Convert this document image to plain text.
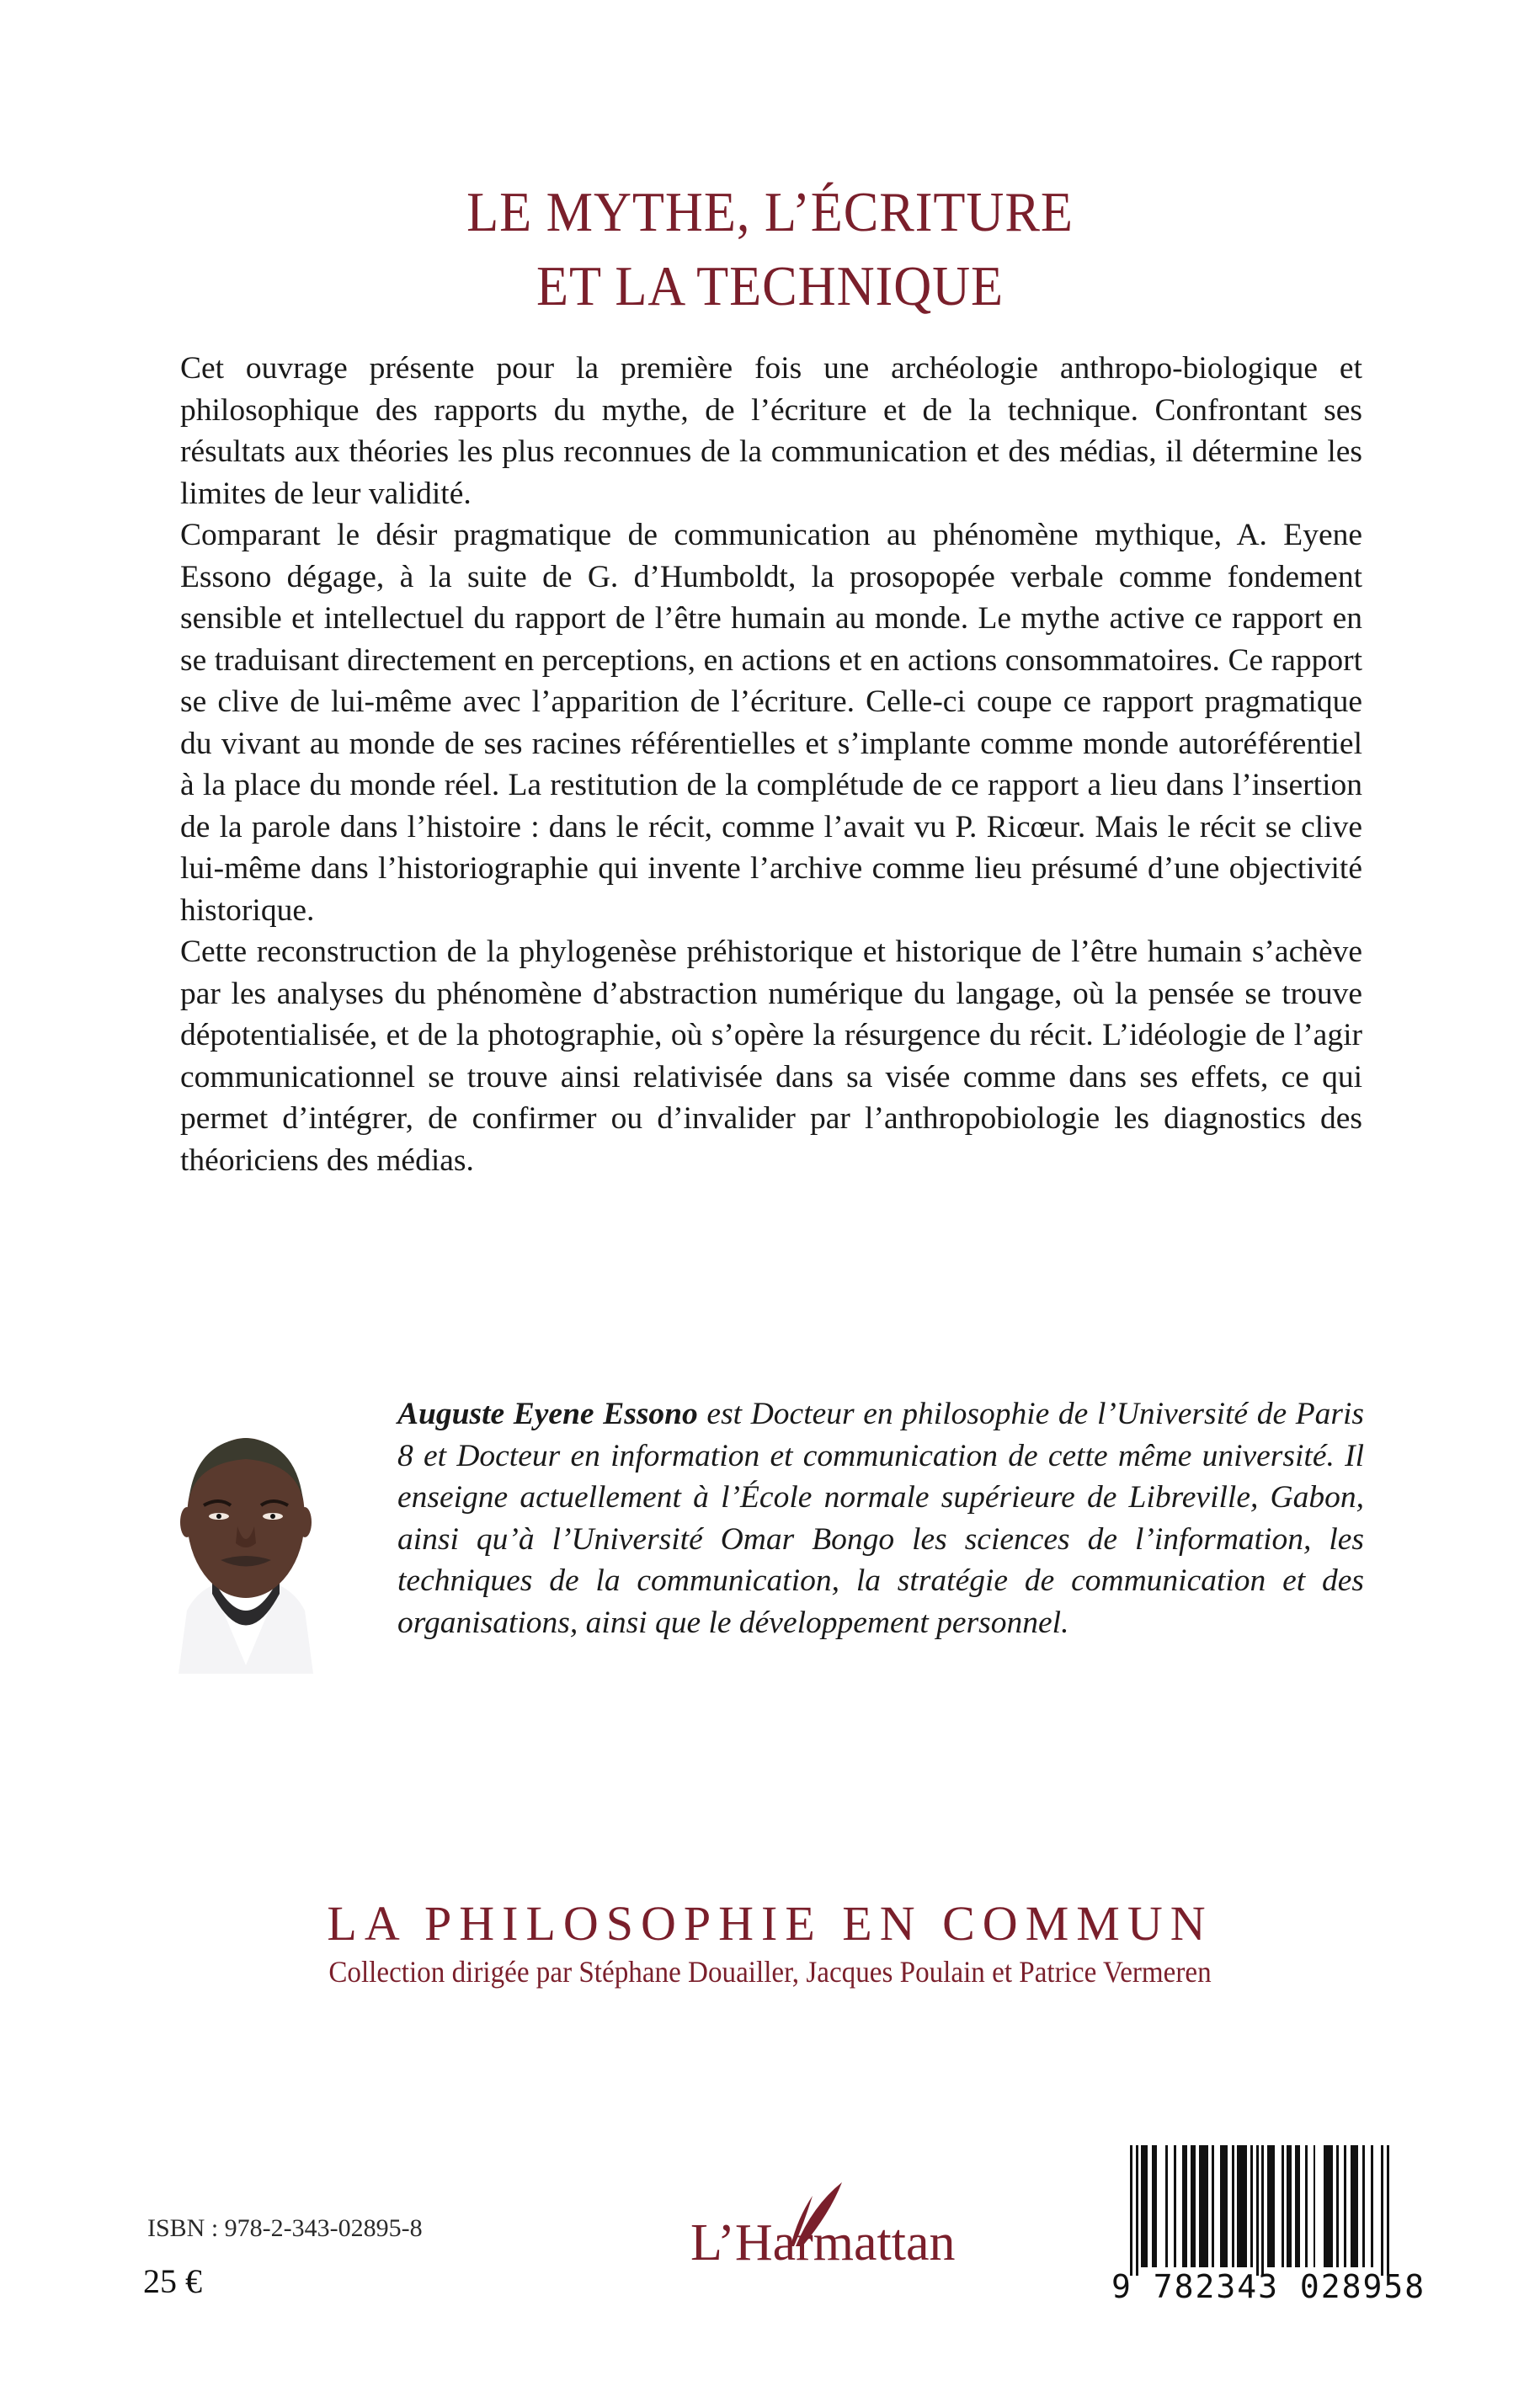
LE MYTHE, L’ÉCRITURE
ET LA TECHNIQUE

Cet ouvrage présente pour la première fois une archéologie anthropo-biologique et philosophique des rapports du mythe, de l’écriture et de la technique. Confrontant ses résultats aux théories les plus reconnues de la communication et des médias, il détermine les limites de leur validité.

Comparant le désir pragmatique de communication au phénomène mythique, A. Eyene Essono dégage, à la suite de G. d’Humboldt, la prosopopée verbale comme fondement sensible et intellectuel du rapport de l’être humain au monde. Le mythe active ce rapport en se traduisant directement en perceptions, en actions et en actions consommatoires. Ce rapport se clive de lui-même avec l’apparition de l’écriture. Celle-ci coupe ce rapport pragmatique du vivant au monde de ses racines référentielles et s’implante comme monde autoréférentiel à la place du monde réel. La restitution de la complétude de ce rapport a lieu dans l’insertion de la parole dans l’histoire : dans le récit, comme l’avait vu P. Ricœur. Mais le récit se clive lui-même dans l’historiographie qui invente l’archive comme lieu présumé d’une objectivité historique.

Cette reconstruction de la phylogenèse préhistorique et historique de l’être humain s’achève par les analyses du phénomène d’abstraction numérique du langage, où la pensée se trouve dépotentialisée, et de la photographie, où s’opère la résurgence du récit. L’idéologie de l’agir communicationnel se trouve ainsi relativisée dans sa visée comme dans ses effets, ce qui permet d’intégrer, de confirmer ou d’invalider par l’anthropobiologie les diagnostics des théoriciens des médias.

Auguste Eyene Essono est Docteur en philosophie de l’Université de Paris 8 et Docteur en information et communication de cette même université. Il enseigne actuellement à l’École normale supérieure de Libreville, Gabon, ainsi qu’à l’Université Omar Bongo les sciences de l’information, les techniques de la communication, la stratégie de communication et des organisations, ainsi que le développement personnel.
LA PHILOSOPHIE EN COMMUN
Collection dirigée par Stéphane Douailler, Jacques Poulain et Patrice Vermeren
ISBN : 978-2-343-02895-8
25 €
L’Harmattan
9 782343 028958
